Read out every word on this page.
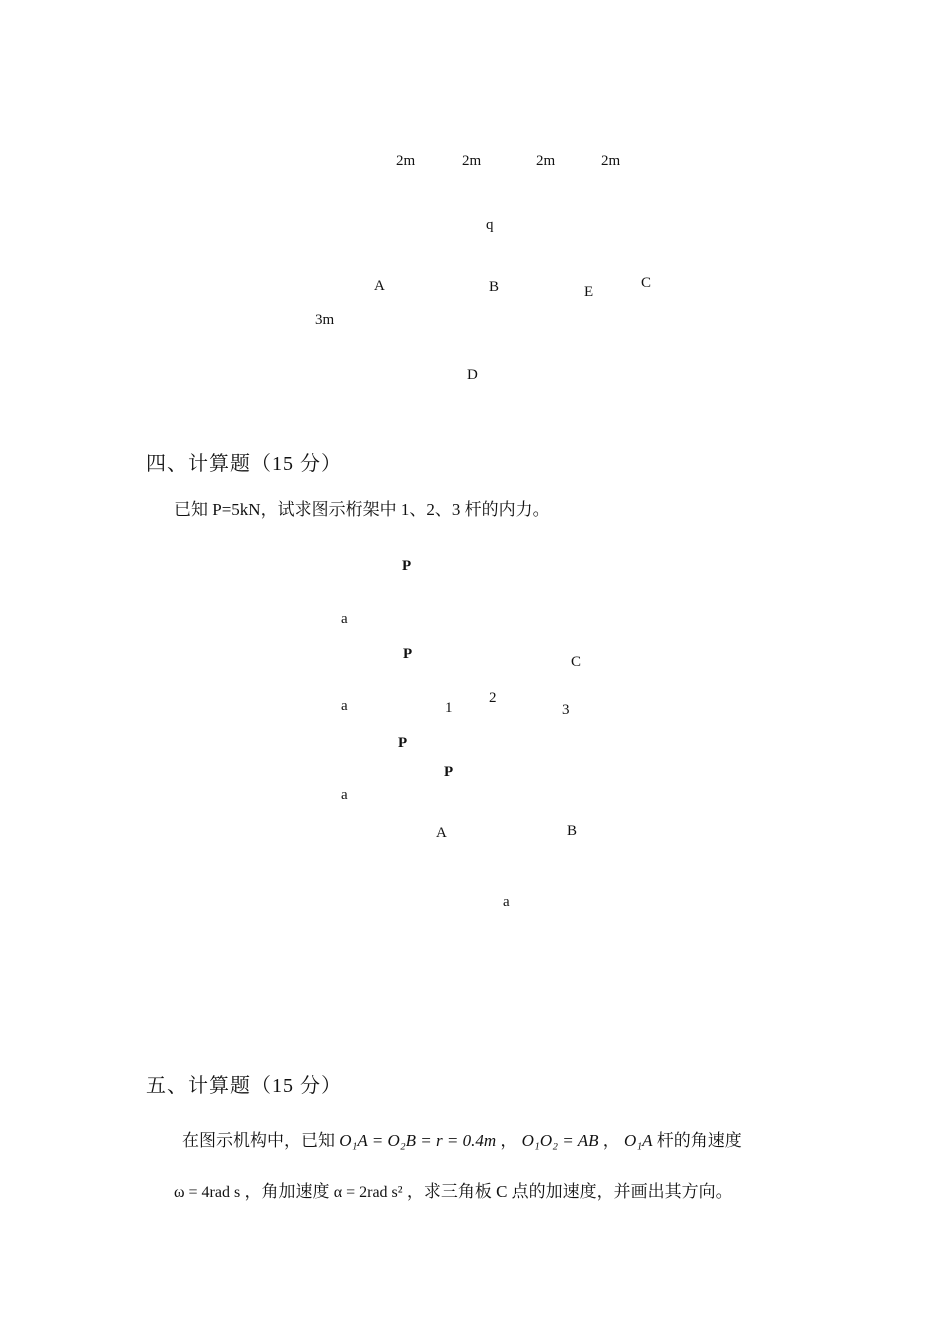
2m	2m	2m	2m
q
A	B	E
C
3m
D
四、计算题（15 分）
已知 P=5kN，试求图示桁架中 1、2、3 杆的内力。
P
a
P	C
a	1
2
3
P
P
a
A	B
a
五、计算题（15 分）
在图示机构中，已知 O₁A = O₂B = r = 0.4m ， O₁O₂ = AB ， O₁A 杆的角速度
ω = 4rad s ，角加速度 α = 2rad s² ，求三角板 C 点的加速度，并画出其方向。
